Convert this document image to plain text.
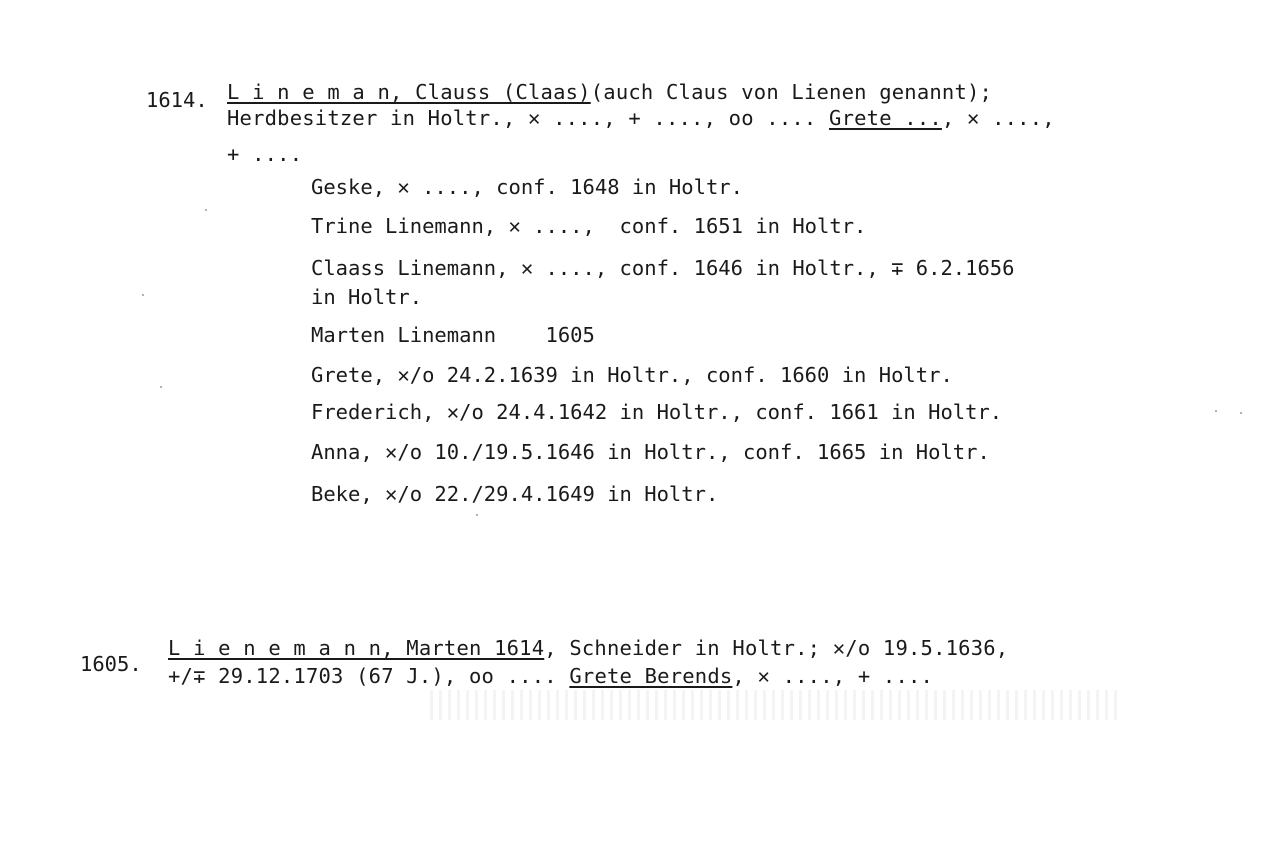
1614. L i n e m a n, Clauss (Claas)(auch Claus von Lienen genannt);
Herdbesitzer in Holtr., ✕ ...., + ...., oo .... Grete ..., ✕ ....,
+ ....
Geske, ✕ ...., conf. 1648 in Holtr.
Trine Linemann, ✕ ....,  conf. 1651 in Holtr.
Claass Linemann, ✕ ...., conf. 1646 in Holtr., ∓ 6.2.1656
in Holtr.
Marten Linemann    1605
Grete, ✕/o 24.2.1639 in Holtr., conf. 1660 in Holtr.
Frederich, ✕/o 24.4.1642 in Holtr., conf. 1661 in Holtr.
Anna, ✕/o 10./19.5.1646 in Holtr., conf. 1665 in Holtr.
Beke, ✕/o 22./29.4.1649 in Holtr.
1605.
L i e n e m a n n, Marten 1614, Schneider in Holtr.; ✕/o 19.5.1636,
+/∓ 29.12.1703 (67 J.), oo .... Grete Berends, ✕ ...., + ....
